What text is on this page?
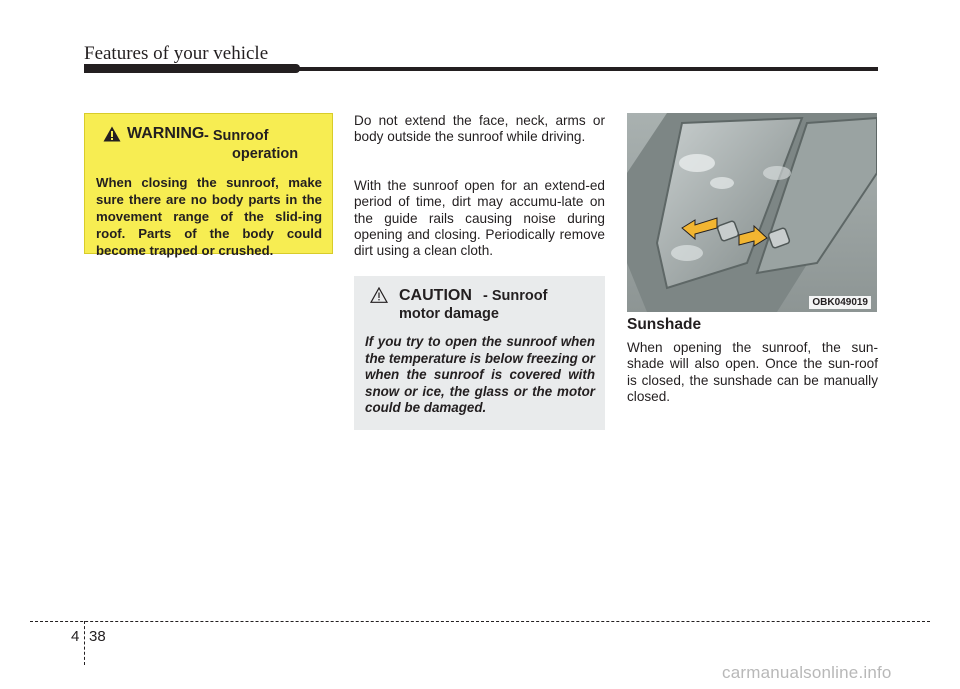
Features of your vehicle
WARNING - Sunroof
operation
When closing the sunroof, make sure there are no body parts in the movement range of the slid-ing roof. Parts of the body could become trapped or crushed.
Do not extend the face, neck, arms or body outside the sunroof while driving.
With the sunroof open for an extend-ed period of time, dirt may accumu-late on the guide rails causing noise during opening and closing. Periodically remove dirt using a clean cloth.
CAUTION - Sunroof
motor damage
If you try to open the sunroof when the temperature is below freezing or when the sunroof is covered with snow or ice, the glass or the motor could be damaged.
OBK049019
Sunshade
When opening the sunroof, the sun-shade will also open. Once the sun-roof is closed, the sunshade can be manually closed.
4 38
carmanualsonline.info
